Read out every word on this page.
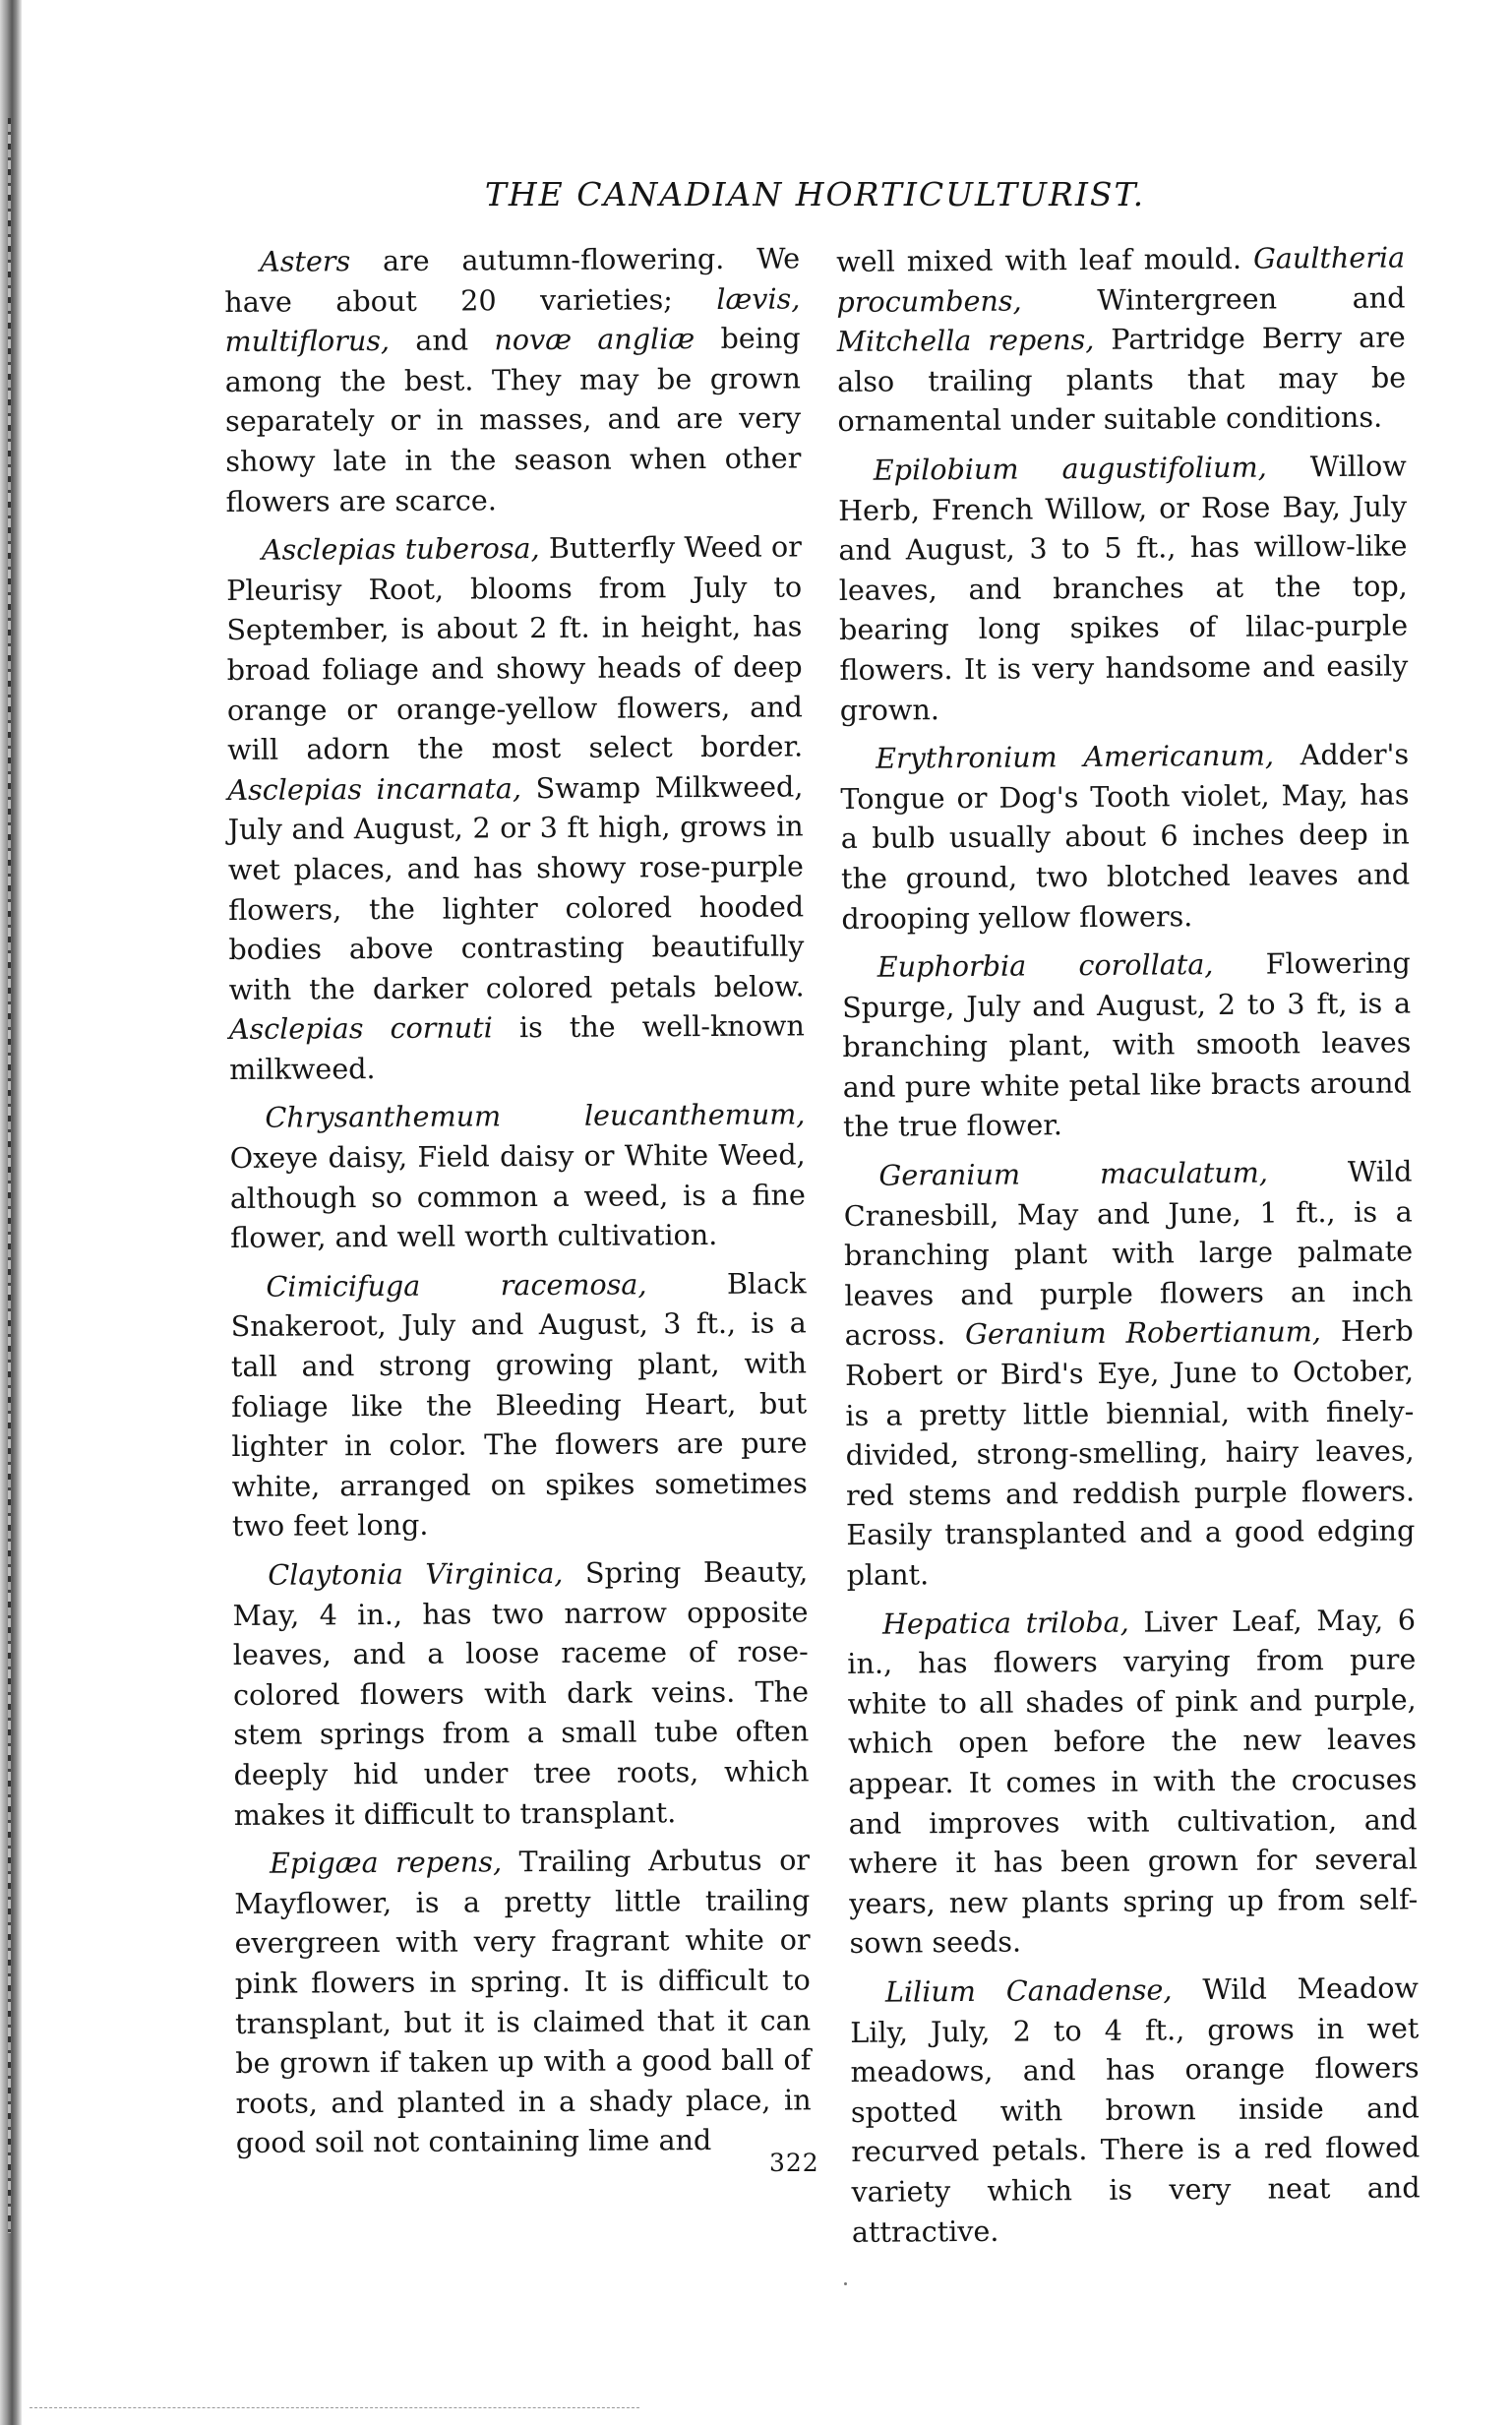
THE CANADIAN HORTICULTURIST.

Asters are autumn-flowering. We have about 20 varieties; lævis, multiflorus, and novæ angliæ being among the best. They may be grown separately or in masses, and are very showy late in the season when other flowers are scarce.

Asclepias tuberosa, Butterfly Weed or Pleurisy Root, blooms from July to September, is about 2 ft. in height, has broad foliage and showy heads of deep orange or orange-yellow flowers, and will adorn the most select border. Asclepias incarnata, Swamp Milkweed, July and August, 2 or 3 ft high, grows in wet places, and has showy rose-purple flowers, the lighter colored hooded bodies above contrasting beautifully with the darker colored petals below. Asclepias cornuti is the well-known milkweed.

Chrysanthemum leucanthemum, Oxeye daisy, Field daisy or White Weed, although so common a weed, is a fine flower, and well worth cultivation.

Cimicifuga racemosa, Black Snakeroot, July and August, 3 ft., is a tall and strong growing plant, with foliage like the Bleeding Heart, but lighter in color. The flowers are pure white, arranged on spikes sometimes two feet long.

Claytonia Virginica, Spring Beauty, May, 4 in., has two narrow opposite leaves, and a loose raceme of rose-colored flowers with dark veins. The stem springs from a small tube often deeply hid under tree roots, which makes it difficult to transplant.

Epigæa repens, Trailing Arbutus or Mayflower, is a pretty little trailing evergreen with very fragrant white or pink flowers in spring. It is difficult to transplant, but it is claimed that it can be grown if taken up with a good ball of roots, and planted in a shady place, in good soil not containing lime and

well mixed with leaf mould. Gaultheria procumbens, Wintergreen and Mitchella repens, Partridge Berry are also trailing plants that may be ornamental under suitable conditions.

Epilobium augustifolium, Willow Herb, French Willow, or Rose Bay, July and August, 3 to 5 ft., has willow-like leaves, and branches at the top, bearing long spikes of lilac-purple flowers. It is very handsome and easily grown.

Erythronium Americanum, Adder's Tongue or Dog's Tooth violet, May, has a bulb usually about 6 inches deep in the ground, two blotched leaves and drooping yellow flowers.

Euphorbia corollata, Flowering Spurge, July and August, 2 to 3 ft, is a branching plant, with smooth leaves and pure white petal like bracts around the true flower.

Geranium maculatum, Wild Cranesbill, May and June, 1 ft., is a branching plant with large palmate leaves and purple flowers an inch across. Geranium Robertianum, Herb Robert or Bird's Eye, June to October, is a pretty little biennial, with finely-divided, strong-smelling, hairy leaves, red stems and reddish purple flowers. Easily transplanted and a good edging plant.

Hepatica triloba, Liver Leaf, May, 6 in., has flowers varying from pure white to all shades of pink and purple, which open before the new leaves appear. It comes in with the crocuses and improves with cultivation, and where it has been grown for several years, new plants spring up from self-sown seeds.

Lilium Canadense, Wild Meadow Lily, July, 2 to 4 ft., grows in wet meadows, and has orange flowers spotted with brown inside and recurved petals. There is a red flowed variety which is very neat and attractive.

322
